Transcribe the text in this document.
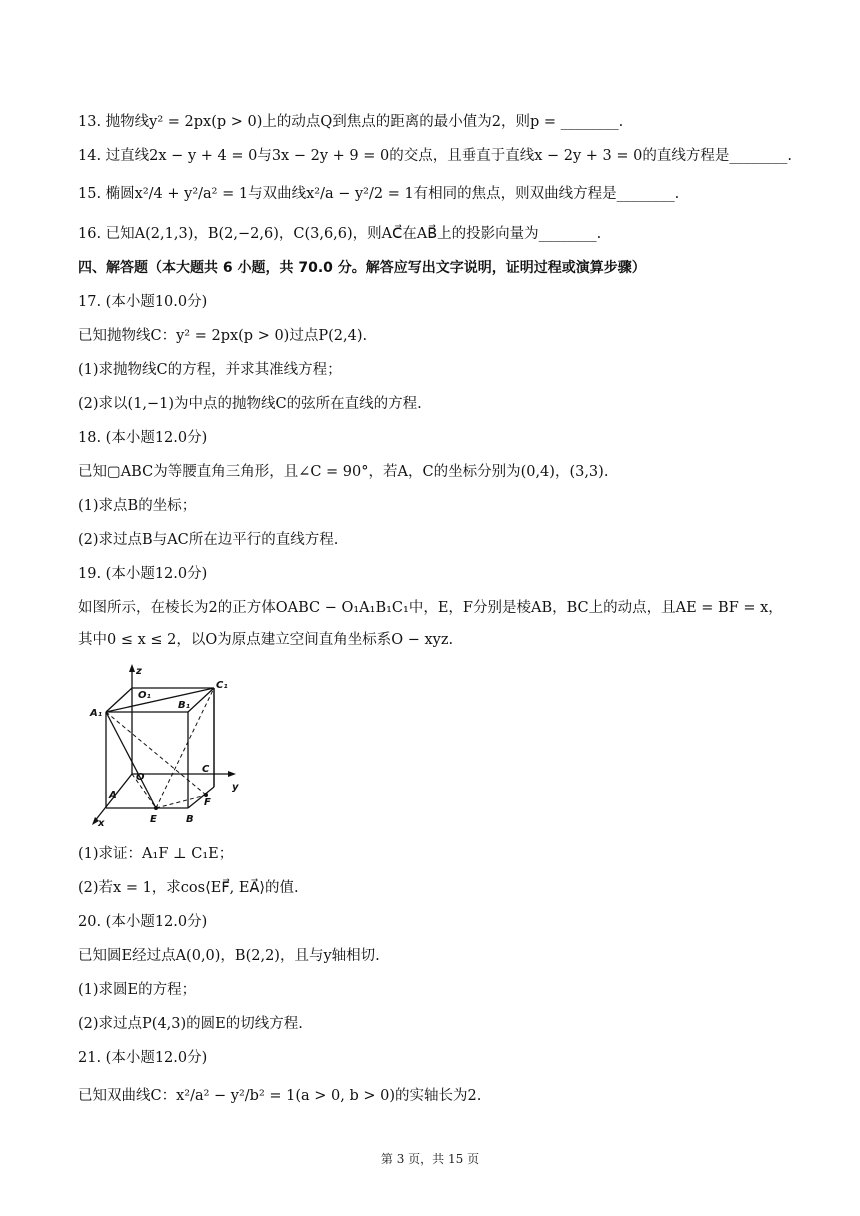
13. 抛物线y² = 2px(p > 0)上的动点Q到焦点的距离的最小值为2，则p = ________.
14. 过直线2x − y + 4 = 0与3x − 2y + 9 = 0的交点，且垂直于直线x − 2y + 3 = 0的直线方程是________.
15. 椭圆x²/4 + y²/a² = 1与双曲线x²/a − y²/2 = 1有相同的焦点，则双曲线方程是________.
16. 已知A(2,1,3)，B(2,−2,6)，C(3,6,6)，则AC⃗在AB⃗上的投影向量为________.
四、解答题（本大题共 6 小题，共 70.0 分。解答应写出文字说明，证明过程或演算步骤）
17. (本小题10.0分)
已知抛物线C：y² = 2px(p > 0)过点P(2,4).
(1)求抛物线C的方程，并求其准线方程；
(2)求以(1,−1)为中点的抛物线C的弦所在直线的方程.
18. (本小题12.0分)
已知▢ABC为等腰直角三角形，且∠C = 90°，若A，C的坐标分别为(0,4)，(3,3).
(1)求点B的坐标；
(2)求过点B与AC所在边平行的直线方程.
19. (本小题12.0分)
如图所示，在棱长为2的正方体OABC − O₁A₁B₁C₁中，E，F分别是棱AB，BC上的动点，且AE = BF = x，
其中0 ≤ x ≤ 2，以O为原点建立空间直角坐标系O − xyz.
z
y
x
O₁
C₁
B₁
A₁
O
C
A
F
E	B
(1)求证：A₁F ⊥ C₁E；
(2)若x = 1，求cos⟨EF⃗, EA⃗⟩的值.
20. (本小题12.0分)
已知圆E经过点A(0,0)，B(2,2)，且与y轴相切.
(1)求圆E的方程；
(2)求过点P(4,3)的圆E的切线方程.
21. (本小题12.0分)
已知双曲线C：x²/a² − y²/b² = 1(a > 0, b > 0)的实轴长为2.
第 3 页，共 15 页
